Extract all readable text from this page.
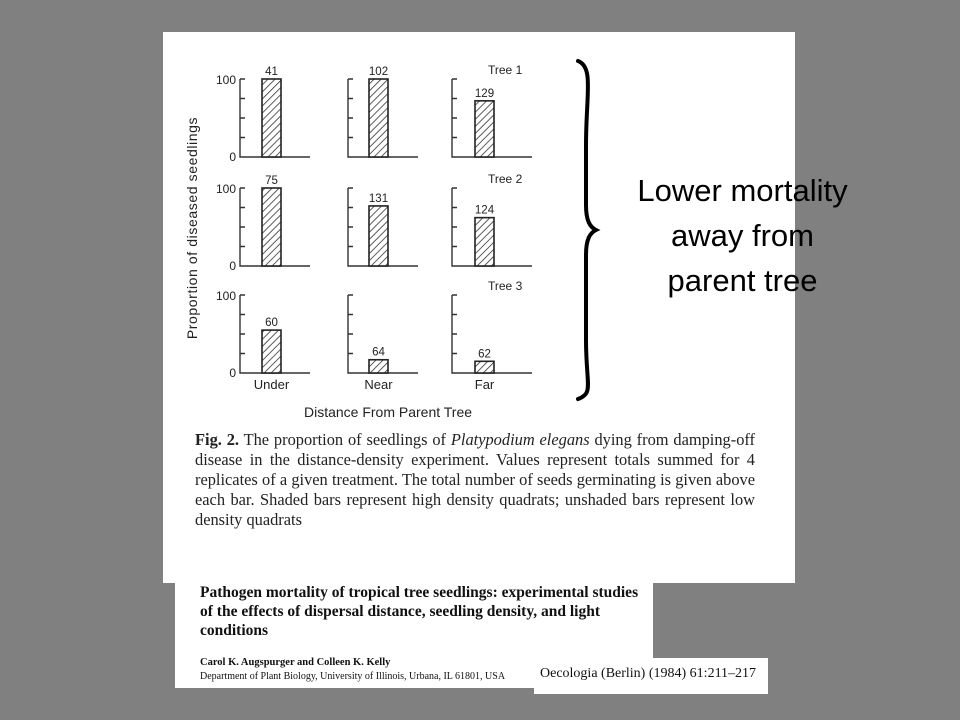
Proportion of diseased seedlings
100
0
Tree 1
41	102
129
100
0
Tree 2
75
131
124
100
0
Tree 3
60
64	62
Under	Near	Far
Distance From Parent Tree

Fig. 2. The proportion of seedlings of Platypodium elegans dying from damping-off disease in the distance-density experiment. Values represent totals summed for 4 replicates of a given treatment. The total number of seeds germinating is given above each bar. Shaded bars represent high density quadrats; unshaded bars represent low density quadrats

Lower mortality
away from
parent tree

Pathogen mortality of tropical tree seedlings: experimental studies of the effects of dispersal distance, seedling density, and light conditions

Carol K. Augspurger and Colleen K. Kelly

Department of Plant Biology, University of Illinois, Urbana, IL 61801, USA Oecologia (Berlin) (1984) 61:211–217
